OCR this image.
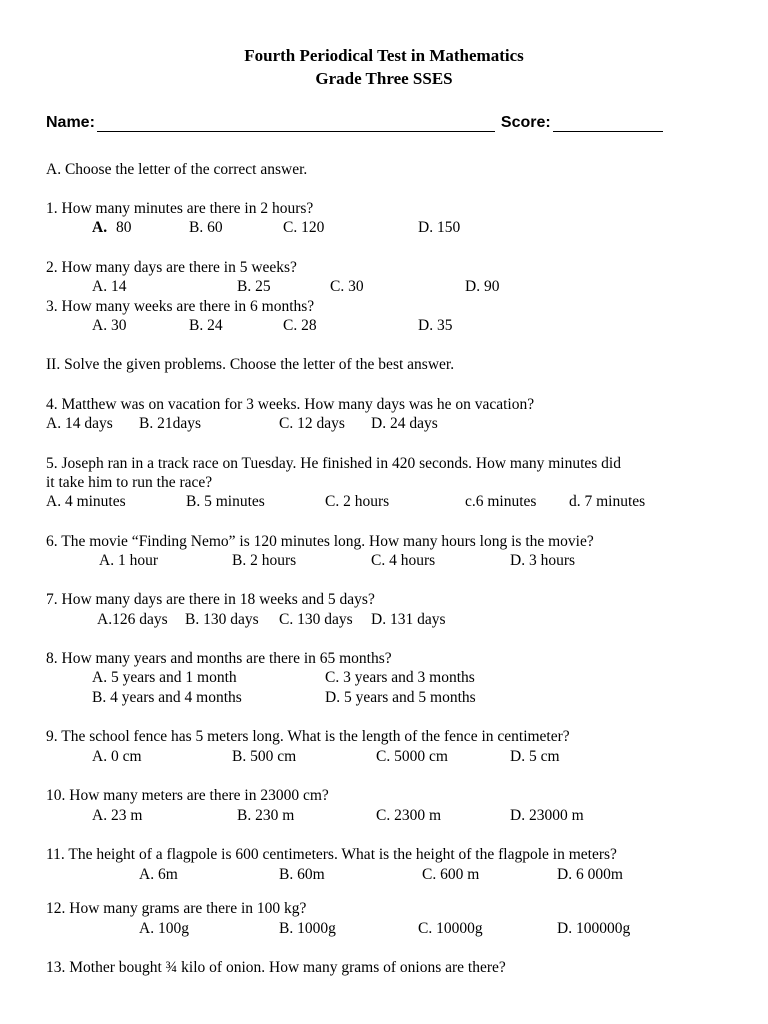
Fourth Periodical Test in Mathematics
Grade Three SSES
Name:	Score:
A. Choose the letter of the correct answer.
1. How many minutes are there in 2 hours?
A. 80	B. 60	C. 120	D. 150
2. How many days are there in 5 weeks?
A. 14	B. 25	C. 30	D. 90
3. How many weeks are there in 6 months?
A. 30	B. 24	C. 28	D. 35
II. Solve the given problems. Choose the letter of the best answer.
4. Matthew was on vacation for 3 weeks. How many days was he on vacation?
A. 14 days B. 21days	C. 12 days D. 24 days
5. Joseph ran in a track race on Tuesday. He finished in 420 seconds. How many minutes did
it take him to run the race?
A. 4 minutes	B. 5 minutes	C. 2 hours	c.6 minutes d. 7 minutes
6. The movie “Finding Nemo” is 120 minutes long. How many hours long is the movie?
A. 1 hour	B. 2 hours	C. 4 hours	D. 3 hours
7. How many days are there in 18 weeks and 5 days?
A.126 days B. 130 days C. 130 days D. 131 days
8. How many years and months are there in 65 months?
A. 5 years and 1 month	C. 3 years and 3 months
B. 4 years and 4 months	D. 5 years and 5 months
9. The school fence has 5 meters long. What is the length of the fence in centimeter?
A. 0 cm	B. 500 cm	C. 5000 cm	D. 5 cm
10. How many meters are there in 23000 cm?
A. 23 m	B. 230 m	C. 2300 m	D. 23000 m
11. The height of a flagpole is 600 centimeters. What is the height of the flagpole in meters?
A. 6m	B. 60m	C. 600 m	D. 6 000m
12. How many grams are there in 100 kg?
A. 100g	B. 1000g	C. 10000g	D. 100000g
13. Mother bought ¾ kilo of onion. How many grams of onions are there?
